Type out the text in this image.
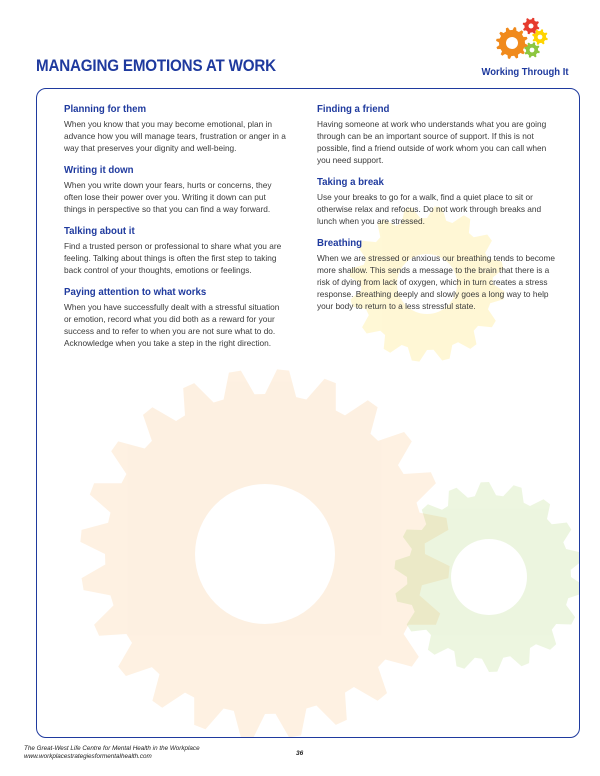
MANAGING EMOTIONS AT WORK	Working Through It
Planning for them

When you know that you may become emotional, plan in advance how you will manage tears, frustration or anger in a way that preserves your dignity and well-being.

Writing it down

When you write down your fears, hurts or concerns, they often lose their power over you. Writing it down can put things in perspective so that you can find a way forward.

Talking about it

Find a trusted person or professional to share what you are feeling. Talking about things is often the first step to taking back control of your thoughts, emotions or feelings.

Paying attention to what works

When you have successfully dealt with a stressful situation or emotion, record what you did both as a reward for your success and to refer to when you are not sure what to do. Acknowledge when you take a step in the right direction.

Finding a friend

Having someone at work who understands what you are going through can be an important source of support. If this is not possible, find a friend outside of work whom you can call when you need support.

Taking a break

Use your breaks to go for a walk, find a quiet place to sit or otherwise relax and refocus. Do not work through breaks and lunch when you are stressed.

Breathing

When we are stressed or anxious our breathing tends to become more shallow. This sends a message to the brain that there is a risk of dying from lack of oxygen, which in turn creates a stress response. Breathing deeply and slowly goes a long way to help your body to return to a less stressful state.

The Great-West Life Centre for Mental Health in the Workplace
www.workplacestrategiesformentalhealth.com	36
